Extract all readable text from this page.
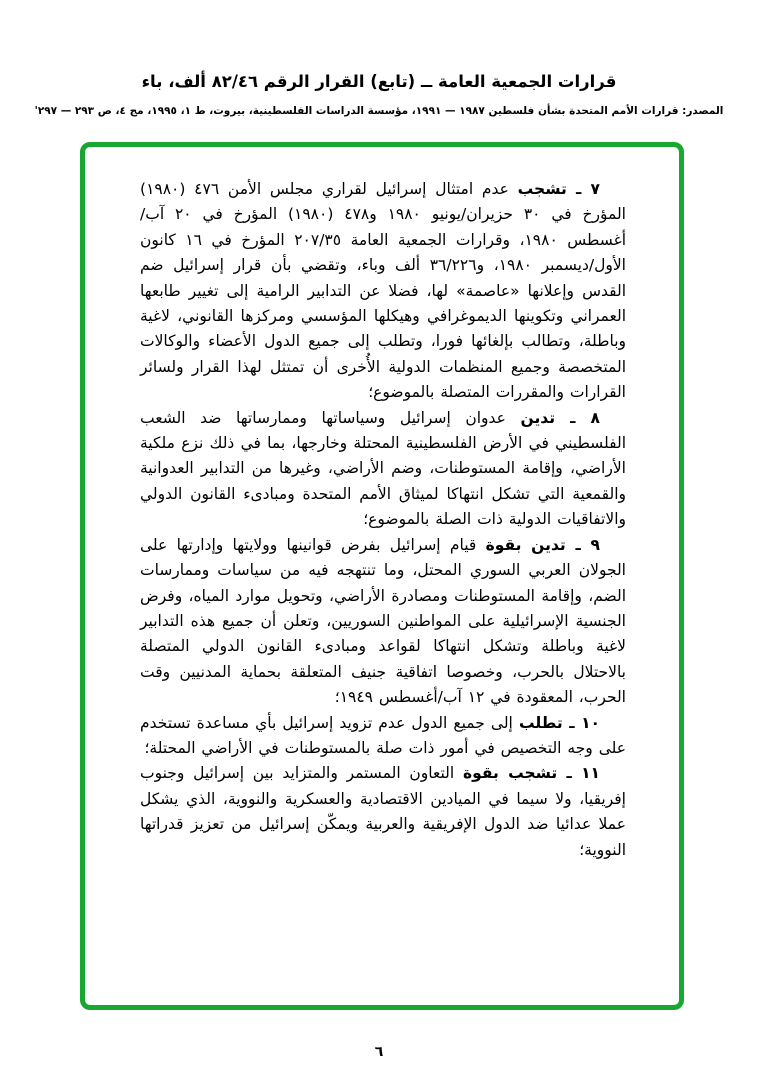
قرارات الجمعية العامة ــ (تابع) القرار الرقم ٨٢/٤٦ ألف، باء
المصدر: قرارات الأمم المتحدة بشأن فلسطين ١٩٨٧ — ١٩٩١، مؤسسة الدراسات الفلسطينية، بيروت، ط ١، ١٩٩٥، مج ٤، ص ٢٩٣ — ٢٩٧'

٧ ـ تشجب عدم امتثال إسرائيل لقراري مجلس الأمن ٤٧٦ (١٩٨٠) المؤرخ في ٣٠ حزيران/يونيو ١٩٨٠ و٤٧٨ (١٩٨٠) المؤرخ في ٢٠ آب/أغسطس ١٩٨٠، وقرارات الجمعية العامة ٢٠٧/٣٥ المؤرخ في ١٦ كانون الأول/ديسمبر ١٩٨٠، و٣٦/٢٢٦ ألف وباء، وتقضي بأن قرار إسرائيل ضم القدس وإعلانها «عاصمة» لها، فضلا عن التدابير الرامية إلى تغيير طابعها العمراني وتكوينها الديموغرافي وهيكلها المؤسسي ومركزها القانوني، لاغية وباطلة، وتطالب بإلغائها فورا، وتطلب إلى جميع الدول الأعضاء والوكالات المتخصصة وجميع المنظمات الدولية الأُخرى أن تمتثل لهذا القرار ولسائر القرارات والمقررات المتصلة بالموضوع؛

٨ ـ تدين عدوان إسرائيل وسياساتها وممارساتها ضد الشعب الفلسطيني في الأرض الفلسطينية المحتلة وخارجها، بما في ذلك نزع ملكية الأراضي، وإقامة المستوطنات، وضم الأراضي، وغيرها من التدابير العدوانية والقمعية التي تشكل انتهاكا لميثاق الأمم المتحدة ومبادىء القانون الدولي والاتفاقيات الدولية ذات الصلة بالموضوع؛

٩ ـ تدين بقوة قيام إسرائيل بفرض قوانينها وولايتها وإدارتها على الجولان العربي السوري المحتل، وما تنتهجه فيه من سياسات وممارسات الضم، وإقامة المستوطنات ومصادرة الأراضي، وتحويل موارد المياه، وفرض الجنسية الإسرائيلية على المواطنين السوريين، وتعلن أن جميع هذه التدابير لاغية وباطلة وتشكل انتهاكا لقواعد ومبادىء القانون الدولي المتصلة بالاحتلال بالحرب، وخصوصا اتفاقية جنيف المتعلقة بحماية المدنيين وقت الحرب، المعقودة في ١٢ آب/أغسطس ١٩٤٩؛

١٠ ـ تطلب إلى جميع الدول عدم تزويد إسرائيل بأي مساعدة تستخدم على وجه التخصيص في أمور ذات صلة بالمستوطنات في الأراضي المحتلة؛

١١ ـ تشجب بقوة التعاون المستمر والمتزايد بين إسرائيل وجنوب إفريقيا، ولا سيما في الميادين الاقتصادية والعسكرية والنووية، الذي يشكل عملا عدائيا ضد الدول الإفريقية والعربية ويمكّن إسرائيل من تعزيز قدراتها النووية؛

٦
